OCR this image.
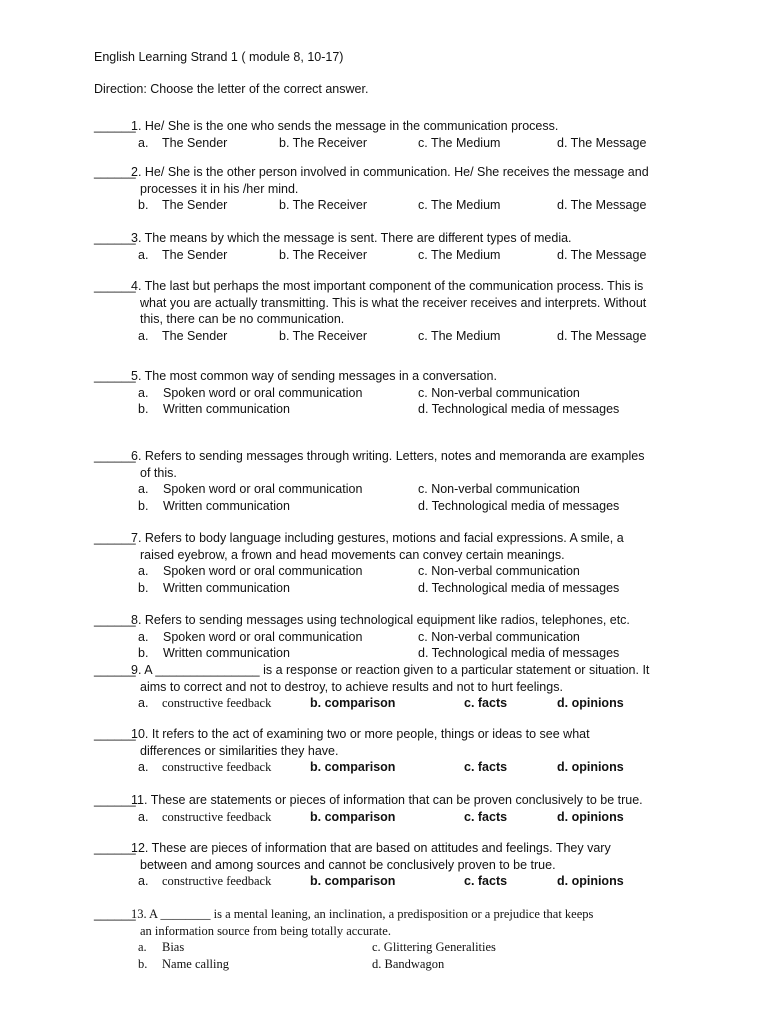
English Learning Strand 1 ( module 8, 10-17)
Direction: Choose the letter of the correct answer.
______
1. He/ She is the one who sends the message in the communication process.
a. The Sender	b. The Receiver	c. The Medium	d. The Message
______
2. He/ She is the other person involved in communication. He/ She receives the message and
processes it in his /her mind.
b. The Sender	b. The Receiver	c. The Medium	d. The Message
______
3. The means by which the message is sent. There are different types of media.
a. The Sender	b. The Receiver	c. The Medium	d. The Message
______
4. The last but perhaps the most important component of the communication process. This is
what you are actually transmitting. This is what the receiver receives and interprets. Without
this, there can be no communication.
a. The Sender	b. The Receiver	c. The Medium	d. The Message
______
5. The most common way of sending messages in a conversation.
a. Spoken word or oral communication	c. Non-verbal communication
b. Written communication	d. Technological media of messages
______
6. Refers to sending messages through writing. Letters, notes and memoranda are examples
of this.
a. Spoken word or oral communication	c. Non-verbal communication
b. Written communication	d. Technological media of messages
______
7. Refers to body language including gestures, motions and facial expressions. A smile, a
raised eyebrow, a frown and head movements can convey certain meanings.
a. Spoken word or oral communication	c. Non-verbal communication
b. Written communication	d. Technological media of messages
______
8. Refers to sending messages using technological equipment like radios, telephones, etc.
a. Spoken word or oral communication	c. Non-verbal communication
b. Written communication	d. Technological media of messages
______
9. A _______________ is a response or reaction given to a particular statement or situation. It
aims to correct and not to destroy, to achieve results and not to hurt feelings.
a. constructive feedback	b. comparison	c. facts	d. opinions
______
10. It refers to the act of examining two or more people, things or ideas to see what
differences or similarities they have.
a. constructive feedback	b. comparison	c. facts	d. opinions
______
11. These are statements or pieces of information that can be proven conclusively to be true.
a. constructive feedback	b. comparison	c. facts	d. opinions
______
12. These are pieces of information that are based on attitudes and feelings. They vary
between and among sources and cannot be conclusively proven to be true.
a. constructive feedback	b. comparison	c. facts	d. opinions
______
13. A ________ is a mental leaning, an inclination, a predisposition or a prejudice that keeps
an information source from being totally accurate.
a. Bias	c. Glittering Generalities
b. Name calling	d. Bandwagon
